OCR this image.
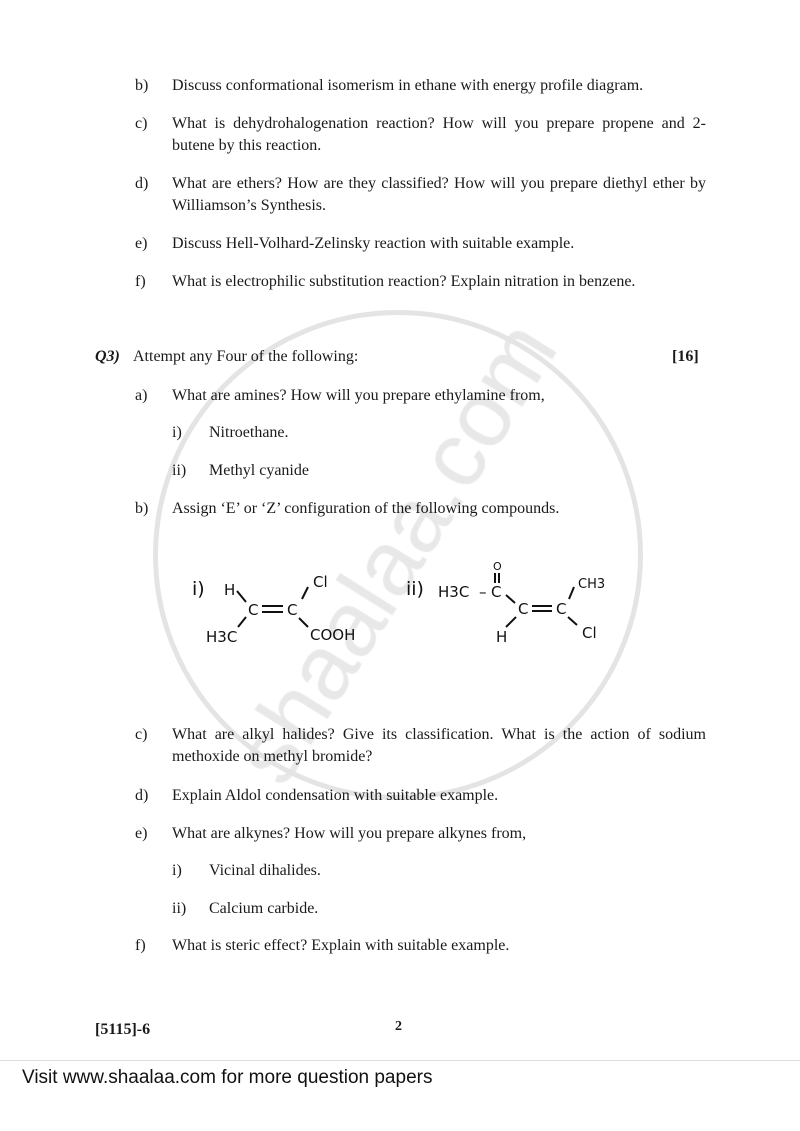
b) Discuss conformational isomerism in ethane with energy profile diagram.
c) What is dehydrohalogenation reaction? How will you prepare propene and 2-butene by this reaction.
d) What are ethers? How are they classified? How will you prepare diethyl ether by Williamson’s Synthesis.
e) Discuss Hell-Volhard-Zelinsky reaction with suitable example.
f) What is electrophilic substitution reaction? Explain nitration in benzene.
Q3) Attempt any Four of the following:	[16]
a) What are amines? How will you prepare ethylamine from,
i) Nitroethane.
ii) Methyl cyanide
b) Assign ‘E’ or ‘Z’ configuration of the following compounds.
i) H
H3C
C C
Cl
COOH
ii) H3C – C
O
C C
H
CH3
Cl
c) What are alkyl halides? Give its classification. What is the action of sodium methoxide on methyl bromide?
d) Explain Aldol condensation with suitable example.
e) What are alkynes? How will you prepare alkynes from,
i) Vicinal dihalides.
ii) Calcium carbide.
f) What is steric effect? Explain with suitable example.
[5115]-6	2
Visit www.shaalaa.com for more question papers
